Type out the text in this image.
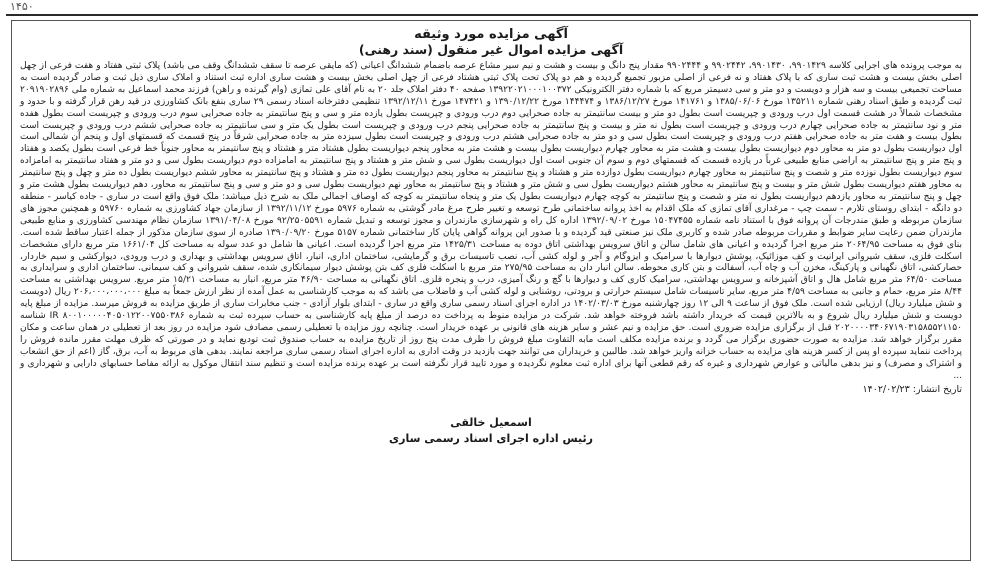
۱۴۵۰

آگهی مزایده مورد وثیقه

آگهی مزایده اموال غیر منقول (سند رهنی)

به موجب پرونده های اجرایی کلاسه ۹۹۰۱۴۲۹، ۹۹۰۱۴۳۰، ۹۹۰۲۴۴۲ و ۹۹۰۲۴۴۴ مقدار پنج دانگ و بیست و هشت و نیم سیر مشاع عرصه باضمام ششدانگ اعیانی (که مایقی عرصه تا سقف ششدانگ وقف می باشد) پلاک ثبتی هفتاد و هفت فرعی از چهل اصلی بخش بیست و هشت ثبت ساری که با پلاک هفتاد و نه فرعی از اصلی مزبور تجمیع گردیده و هم دو پلاک تحت پلاک ثبتی هشتاد فرعی از چهل اصلی بخش بیست و هشت ساری اداره ثبت استناد و املاک ساری ذیل ثبت و صادر گردیده است به مساحت تجمیعی بیست و سه هزار و دویست و دو متر و سی دسیمتر مربع که با شماره دفتر الکترونیکی ۱۳۹۲۲۰۲۱۰۰۰۱۰۰۳۷۲ صفحه ۴۰ دفتر املاک جلد ۲۰ به نام آقای علی تمازی (وام گیرنده و راهن) فرزند محمد اسماعیل به شماره ملی ۲۰۹۱۹۰۲۸۹۶ ثبت گردیده و طبق اسناد رهنی شماره ۱۳۵۲۱۱ مورخ ۱۳۸۵/۰۶/۰۶ و ۱۴۱۷۶۱ مورخ ۱۳۸۶/۱۲/۲۷ و ۱۴۴۴۷۴ مورخ ۱۳۹۰/۱۲/۲۲ و ۱۴۷۴۲۱ مورخ ۱۳۹۲/۱۲/۱۱ تنظیمی دفترخانه اسناد رسمی ۲۹ ساری بنفع بانک کشاورزی در قید رهن قرار گرفته و با حدود و مشخصات شمالاً در هشت قسمت اول درب ورودی و چپریست است بطول دو متر و بیست سانتیمتر به جاده صحرایی دوم درب ورودی و چپریست بطول یازده متر و سی و پنج سانتیمتر به جاده صحرایی سوم درب ورودی و چپریست است بطول هفده متر و نود سانتیمتر به جاده صحرایی چهارم درب ورودی و چپریست است بطول نه متر و بیست و پنج سانتیمتر به جاده صحرایی پنجم درب ورودی و چپریست است بطول یک متر و سی سانتیمتر به جاده صحرایی ششم درب ورودی و چپریست است بطول بیست و هفت متر به جاده صحرایی هفتم درب ورودی و چپریست است بطول سی و دو متر به جاده صحرایی هشتم درب ورودی و چپریست است بطول سیزده متر به جاده صحرایی شرقاً در پنج قسمت که قسمتهای اول و پنجم آن شمالی است اول دیواریست بطول دو متر به محاور دوم دیواریست بطول بیست و هشت متر به محاور چهارم دیواریست بطول بیست و هشت متر به محاور پنجم دیواریست بطول هشتاد متر و هشتاد و پنج سانتیمتر به محاور جنوباً خط فرعی است بطول یکصد و هفتاد و پنج متر و پنج سانتیمتر به اراضی منابع طبیعی غرباً در یازده قسمت که قسمتهای دوم و سوم آن جنوبی است اول دیواریست بطول سی و شش متر و هشتاد و پنج سانتیمتر به امامزاده دوم دیواریست بطول سی و دو متر و هفتاد سانتیمتر به امامزاده سوم دیواریست بطول نوزده متر و شصت و پنج سانتیمتر به محاور چهارم دیواریست بطول دوازده متر و هشتاد و پنج سانتیمتر به محاور پنجم دیواریست بطول ده متر و هشتاد و پنج سانتیمتر به محاور ششم دیواریست بطول ده متر و چهل و پنج سانتیمتر به محاور هفتم دیواریست بطول شش متر و بیست و پنج سانتیمتر به محاور هشتم دیواریست بطول سی و شش متر و هشتاد و پنج سانتیمتر به محاور نهم دیواریست بطول سی و دو متر و سی و پنج سانتیمتر به محاور، دهم دیواریست بطول هشت متر و چهل و پنج سانتیمتر به محاور یازدهم دیواریست بطول نه متر و شصت و پنج سانتیمتر به کوچه چهارم دیواریست بطول یک متر و پنجاه سانتیمتر به کوچه که اوصاف اجمالی ملک به شرح ذیل میباشد: ملک فوق واقع است در ساری - جاده کیاسر - منطقه دو دانگه - ابتدای روستای تلارم - سمت چپ - مرغداری آقای تمازی که ملک اقدام به اخذ پروانه ساختمانی طرح توسعه و تغییر طرح مرغ مادر گوشتی به شماره ۵۹۷۶ مورخ ۱۳۹۲/۱۱/۱۲ از سازمان جهاد کشاورزی به شماره ۵۹۷۶۰ و همچنین مجوز های سازمان مربوطه و طبق مندرجات آن پروانه فوق با استناد نامه شماره ۱۵۰۴۷۴۵۵ مورخ ۱۳۹۲/۰۹/۰۲ اداره کل راه و شهرسازی مازندران و مجوز توسعه و تبدیل شماره ۹۲/۲۵۰۵۵۹۱ مورخ ۱۳۹۱/۰۴/۰۸ سازمان نظام مهندسی کشاورزی و منابع طبیعی مازندران ضمن رعایت سایر ضوابط و مقررات مربوطه صادر شده و کاربری ملک نیز صنعتی قید گردیده و با صدور این پروانه گواهی پایان کار ساختمانی شماره ۵۱۵۷ مورخ ۱۳۹۰/۰۹/۲۰ صادره از سوی سازمان مذکور از جمله اعتبار ساقط شده است. بنای فوق به مساحت ۲۰۶۴/۹۵ متر مربع اجرا گردیده و اعیانی های شامل سالن و اتاق سرویس بهداشتی اتاق دوده به مساحت ۱۴۲۵/۳۱ متر مربع اجرا گردیده است. اعیانی ها شامل دو عدد سوله به مساحت کل ۱۶۶۱/۰۴ متر مربع دارای مشخصات اسکلت فلزی، سقف شیروانی ایرانیت و کف موزائیک، پوشش دیوارها با سرامیک و ایزوگام و آجر و لوله کشی آب، نصب تاسیسات برق و گرمایشی، ساختمان اداری، انبار، اتاق سرویس بهداشتی و بهداری و درب ورودی، دیوارکشی و سیم خاردار، حصارکشی، اتاق نگهبانی و پارکینگ، مخزن آب و چاه آب، آسفالت و بتن کاری محوطه. سالن انبار دان به مساحت ۲۷۵/۹۵ متر مربع با اسکلت فلزی کف بتن پوشش دیوار سیمانکاری شده، سقف شیروانی و کف سیمانی. ساختمان اداری و سرایداری به مساحت ۶۴/۵۰ متر مربع شامل هال و اتاق آشپزخانه و سرویس بهداشتی، سرامیک کاری کف و دیوارها با گچ و رنگ آمیزی، درب و پنجره فلزی. اتاق نگهبانی به مساحت ۴۶/۹۰ متر مربع، انبار به مساحت ۱۵/۲۱ متر مربع. سرویس بهداشتی به مساحت ۸/۴۴ متر مربع، حمام و جانبی به مساحت ۴/۵۹ متر مربع، سایر تاسیسات شامل سیستم حرارتی و برودتی، روشنایی و لوله کشی آب و فاضلاب می باشد که به موجب کارشناسی به عمل آمده از نظر ارزش جمعاً به مبلغ ۲۰۶،۰۰۰،۰۰۰،۰۰۰ ریال (دویست و شش میلیارد ریال) ارزیابی شده است. ملک فوق از ساعت ۹ الی ۱۲ روز چهارشنبه مورخ ۱۴۰۲/۰۳/۰۳ در اداره اجرای اسناد رسمی ساری واقع در ساری - ابتدای بلوار آزادی - جنب مخابرات ساری از طریق مزایده به فروش میرسد. مزایده از مبلغ پایه دویست و شش میلیارد ریال شروع و به بالاترین قیمت که خریدار داشته باشد فروخته خواهد شد. شرکت در مزایده منوط به پرداخت ده درصد از مبلغ پایه کارشناسی به حساب سپرده ثبت به شماره IR ۸۰۰۱۰۰۰۰۰۴۰۵۰۱۲۲۰۰۷۵۵۰۳۸۶ شناسه ۲۰۲۰۰۰۰۳۴۰۶۷۱۹۰۳۱۵۸۵۵۲۱۱۵۰ قبل از برگزاری مزایده ضروری است. حق مزایده و نیم عشر و سایر هزینه های قانونی بر عهده خریدار است. چنانچه روز مزایده با تعطیلی رسمی مصادف شود مزایده در روز بعد از تعطیلی در همان ساعت و مکان مقرر برگزار خواهد شد. مزایده به صورت حضوری برگزار می گردد و برنده مزایده مکلف است مابه التفاوت مبلغ فروش را ظرف مدت پنج روز از تاریخ مزایده به حساب صندوق ثبت تودیع نماید و در صورتی که ظرف مهلت مقرر مانده فروش را پرداخت ننماید سپرده او پس از کسر هزینه های مزایده به حساب خزانه واریز خواهد شد. طالبین و خریداران می توانند جهت بازدید در وقت اداری به اداره اجرای اسناد رسمی ساری مراجعه نمایند. بدهی های مربوط به آب، برق، گاز (اعم از حق انشعاب و اشتراک و مصرف) و نیز بدهی مالیاتی و عوارض شهرداری و غیره که رقم قطعی آنها برای اداره ثبت معلوم نگردیده و مورد تایید قرار نگرفته است بر عهده برنده مزایده است و تنظیم سند انتقال موکول به ارائه مفاصا حسابهای دارایی و شهرداری و ...

تاریخ انتشار: ۱۴۰۲/۰۲/۲۳
اسمعیل خالقی
رئیس اداره اجرای اسناد رسمی ساری
